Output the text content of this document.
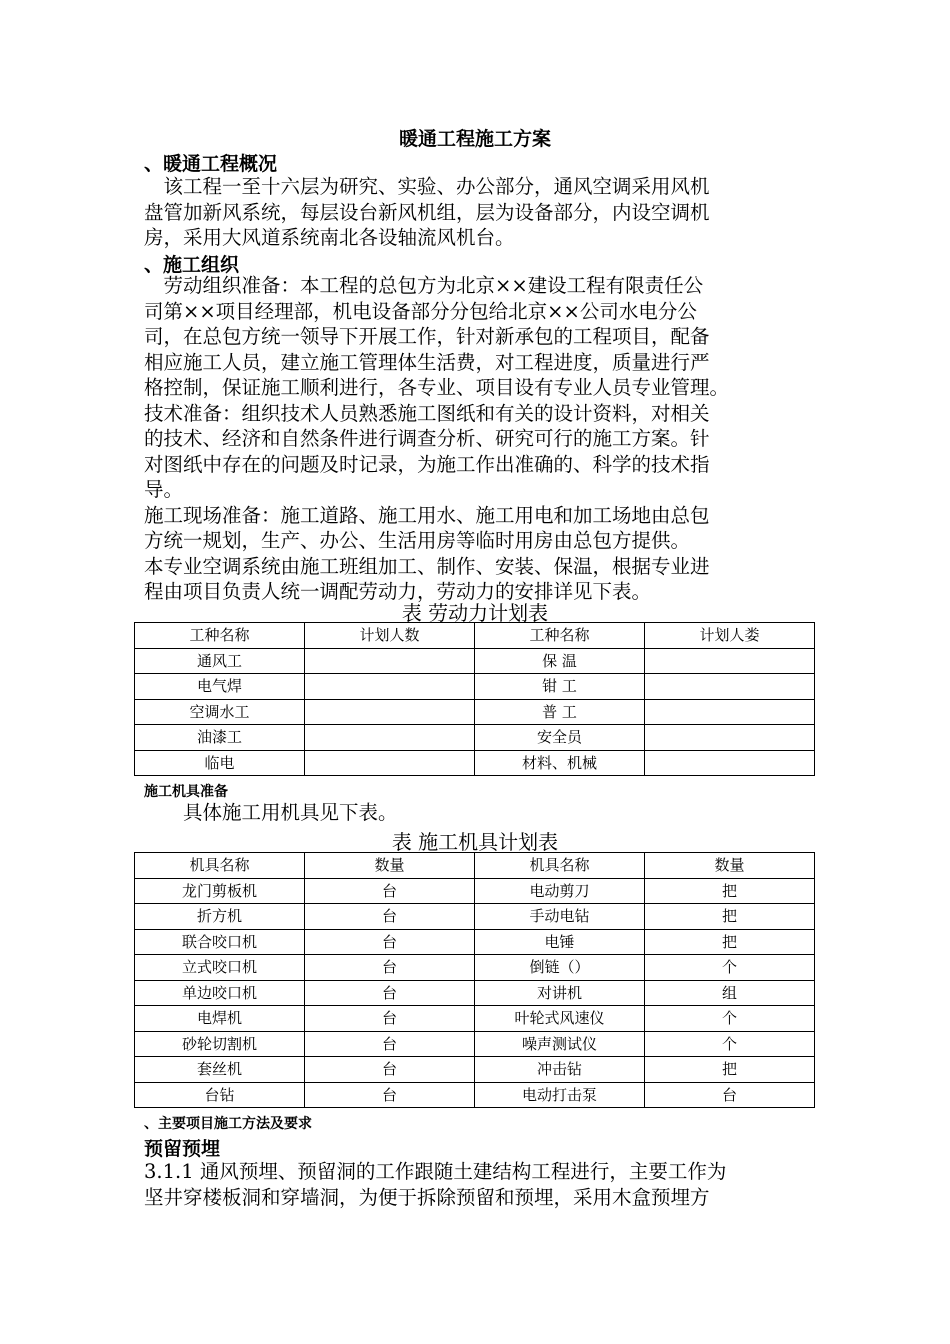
暖通工程施工方案
、暖通工程概况
　该工程一至十六层为研究、实验、办公部分，通风空调采用风机
盘管加新风系统，每层设台新风机组，层为设备部分，内设空调机
房，采用大风道系统南北各设轴流风机台。
、施工组织
　劳动组织准备：本工程的总包方为北京××建设工程有限责任公
司第××项目经理部，机电设备部分分包给北京××公司水电分公
司，在总包方统一领导下开展工作，针对新承包的工程项目，配备
相应施工人员，建立施工管理体生活费，对工程进度，质量进行严
格控制，保证施工顺利进行，各专业、项目设有专业人员专业管理。
技术准备：组织技术人员熟悉施工图纸和有关的设计资料，对相关
的技术、经济和自然条件进行调查分析、研究可行的施工方案。针
对图纸中存在的问题及时记录，为施工作出准确的、科学的技术指
导。
施工现场准备：施工道路、施工用水、施工用电和加工场地由总包
方统一规划，生产、办公、生活用房等临时用房由总包方提供。
本专业空调系统由施工班组加工、制作、安装、保温，根据专业进
程由项目负责人统一调配劳动力，劳动力的安排详见下表。
表 劳动力计划表
工种名称	计划人数	工种名称	计划人娄
通风工		保 温	
电气焊		钳 工	
空调水工		普 工	
油漆工		安全员	
临电		材料、机械	
施工机具准备
　　具体施工用机具见下表。
表 施工机具计划表
机具名称	数量	机具名称	数量
龙门剪板机	台	电动剪刀	把
折方机	台	手动电钻	把
联合咬口机	台	电锤	把
立式咬口机	台	倒链（）	个
单边咬口机	台	对讲机	组
电焊机	台	叶轮式风速仪	个
砂轮切割机	台	噪声测试仪	个
套丝机	台	冲击钻	把
台钻	台	电动打击泵	台
、主要项目施工方法及要求
预留预埋
3.1.1 通风预埋、预留洞的工作跟随土建结构工程进行，主要工作为
坚井穿楼板洞和穿墙洞，为便于拆除预留和预埋，采用木盒预埋方
